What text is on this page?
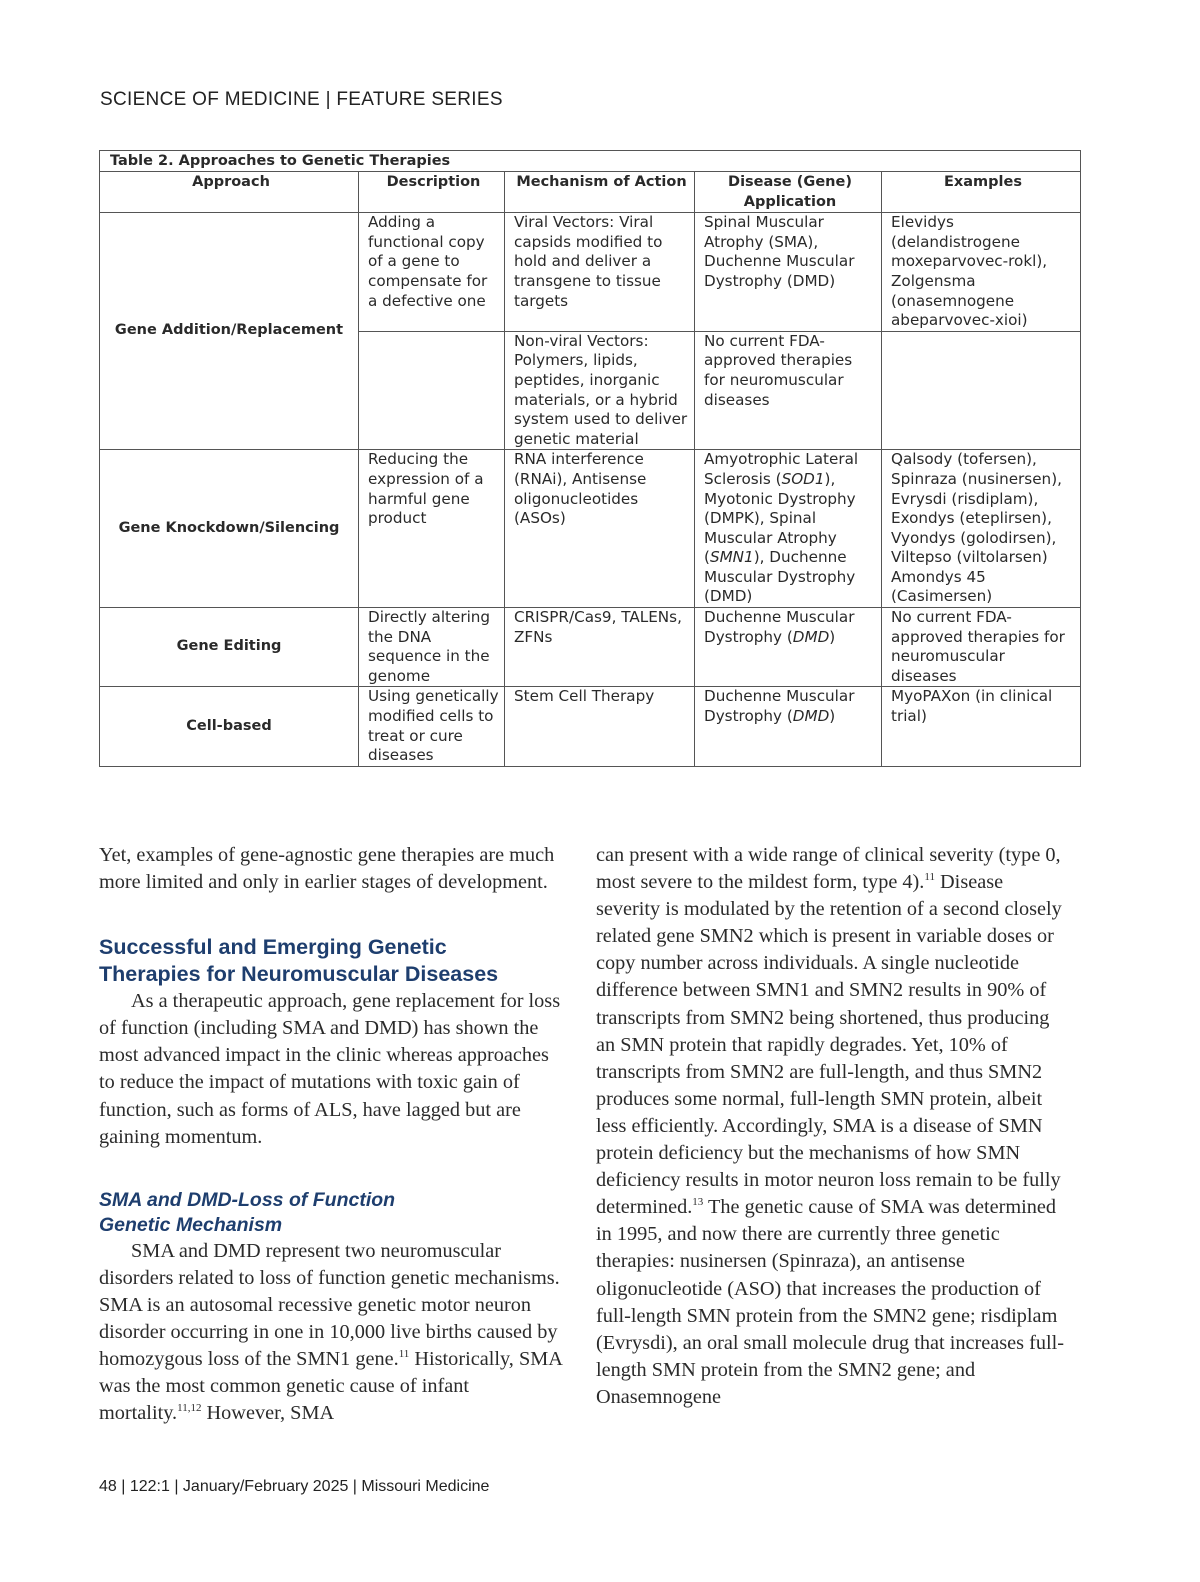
SCIENCE OF MEDICINE | FEATURE SERIES
Table 2. Approaches to Genetic Therapies				
Approach	Description	Mechanism of Action	Disease (Gene) Application	Examples
Gene Addition/Replacement	Adding a functional copy of a gene to compensate for a defective one	Viral Vectors: Viral capsids modified to hold and deliver a transgene to tissue targets	Spinal Muscular Atrophy (SMA), Duchenne Muscular Dystrophy (DMD)	Elevidys (delandistrogene moxeparvovec-rokl), Zolgensma (onasemnogene abeparvovec-xioi)
		Non-viral Vectors: Polymers, lipids, peptides, inorganic materials, or a hybrid system used to deliver genetic material	No current FDA-approved therapies for neuromuscular diseases	
Gene Knockdown/Silencing	Reducing the expression of a harmful gene product	RNA interference (RNAi), Antisense oligonucleotides (ASOs)	Amyotrophic Lateral Sclerosis (SOD1), Myotonic Dystrophy (DMPK), Spinal Muscular Atrophy (SMN1), Duchenne Muscular Dystrophy (DMD)	Qalsody (tofersen), Spinraza (nusinersen), Evrysdi (risdiplam), Exondys (eteplirsen), Vyondys (golodirsen), Viltepso (viltolarsen) Amondys 45 (Casimersen)
Gene Editing	Directly altering the DNA sequence in the genome	CRISPR/Cas9, TALENs, ZFNs	Duchenne Muscular Dystrophy (DMD)	No current FDA-approved therapies for neuromuscular diseases
Cell-based	Using genetically modified cells to treat or cure diseases	Stem Cell Therapy	Duchenne Muscular Dystrophy (DMD)	MyoPAXon (in clinical trial)

Yet, examples of gene-agnostic gene therapies are much more limited and only in earlier stages of development.

Successful and Emerging Genetic
Therapies for Neuromuscular Diseases

As a therapeutic approach, gene replacement for loss of function (including SMA and DMD) has shown the most advanced impact in the clinic whereas approaches to reduce the impact of mutations with toxic gain of function, such as forms of ALS, have lagged but are gaining momentum.

SMA and DMD-Loss of Function
Genetic Mechanism

SMA and DMD represent two neuromuscular disorders related to loss of function genetic mechanisms. SMA is an autosomal recessive genetic motor neuron disorder occurring in one in 10,000 live births caused by homozygous loss of the SMN1 gene.$^{11}$ Historically, SMA was the most common genetic cause of infant mortality.$^{11,12}$ However, SMA

can present with a wide range of clinical severity (type 0, most severe to the mildest form, type 4).$^{11}$ Disease severity is modulated by the retention of a second closely related gene SMN2 which is present in variable doses or copy number across individuals. A single nucleotide difference between SMN1 and SMN2 results in 90% of transcripts from SMN2 being shortened, thus producing an SMN protein that rapidly degrades. Yet, 10% of transcripts from SMN2 are full-length, and thus SMN2 produces some normal, full-length SMN protein, albeit less efficiently. Accordingly, SMA is a disease of SMN protein deficiency but the mechanisms of how SMN deficiency results in motor neuron loss remain to be fully determined.$^{13}$ The genetic cause of SMA was determined in 1995, and now there are currently three genetic therapies: nusinersen (Spinraza), an antisense oligonucleotide (ASO) that increases the production of full-length SMN protein from the SMN2 gene; risdiplam (Evrysdi), an oral small molecule drug that increases full-length SMN protein from the SMN2 gene; and Onasemnogene

48 | 122:1 | January/February 2025 | Missouri Medicine
